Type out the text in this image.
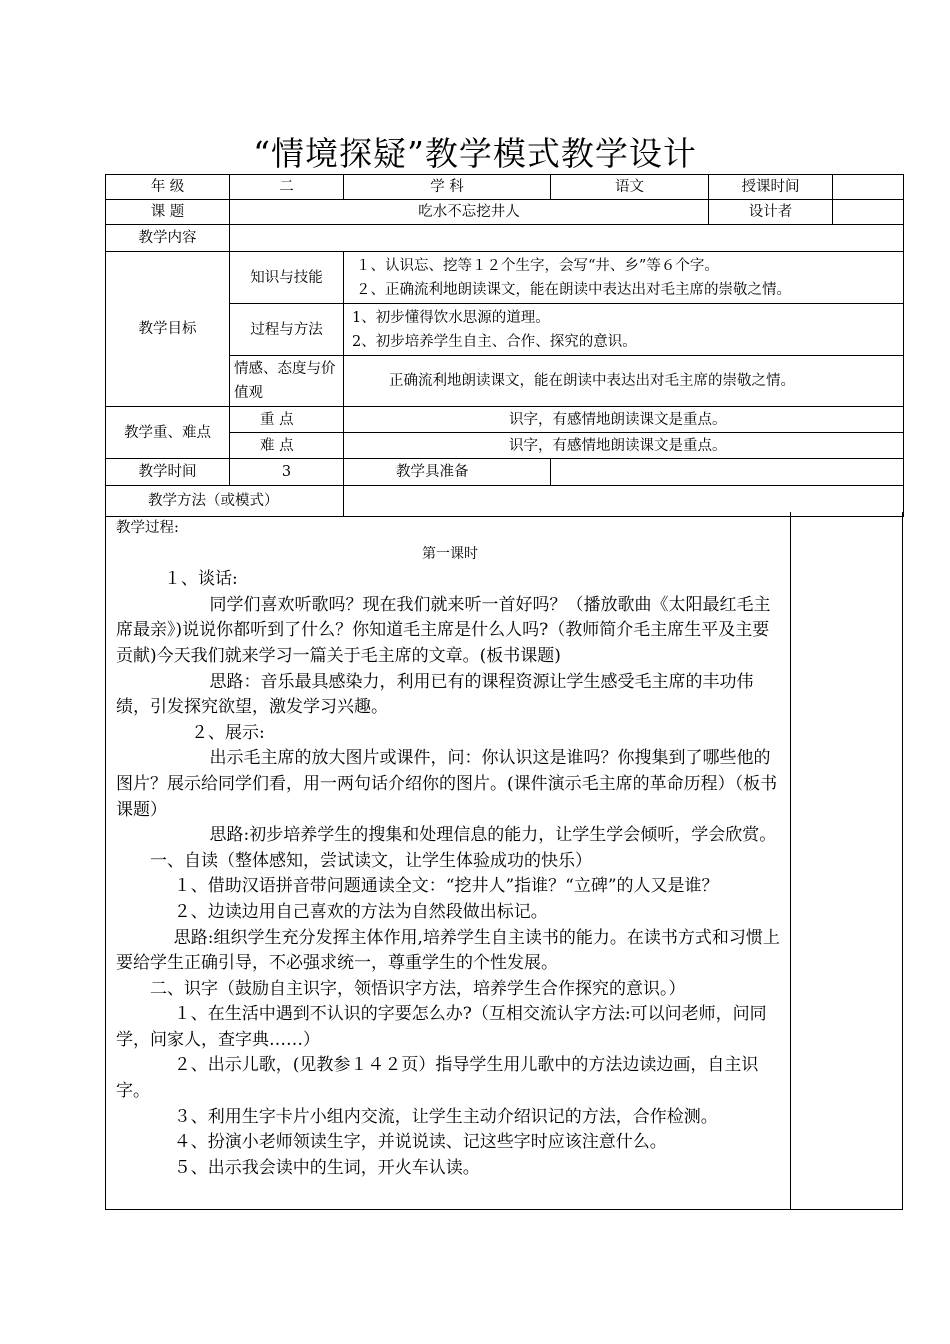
“情境探疑”教学模式教学设计
年 级	二	学 科	语文	授课时间	
课 题	吃水不忘挖井人			设计者	
教学内容					
教学目标	知识与技能	１、认识忘、挖等１２个生字，会写“井、乡”等６个字。
２、正确流利地朗读课文，能在朗读中表达出对毛主席的崇敬之情。			

	过程与方法	1、初步懂得饮水思源的道理。
2、初步培养学生自主、合作、探究的意识。			

	情感、态度与价值观	正确流利地朗读课文，能在朗读中表达出对毛主席的崇敬之情。			
教学重、难点	重 点	识字，有感情地朗读课文是重点。			
	难 点	识字，有感情地朗读课文是重点。			
教学时间	3	教学具准备			
教学方法（或模式）					

教学过程:

第一课时

１、谈话:

同学们喜欢听歌吗？现在我们就来听一首好吗？（播放歌曲《太阳最红毛主席最亲》)说说你都听到了什么？你知道毛主席是什么人吗?（教师简介毛主席生平及主要贡献)今天我们就来学习一篇关于毛主席的文章。(板书课题)

思路：音乐最具感染力，利用已有的课程资源让学生感受毛主席的丰功伟绩，引发探究欲望，激发学习兴趣。

２、展示:

出示毛主席的放大图片或课件，问：你认识这是谁吗？你搜集到了哪些他的图片？展示给同学们看，用一两句话介绍你的图片。(课件演示毛主席的革命历程）（板书课题）

思路:初步培养学生的搜集和处理信息的能力，让学生学会倾听，学会欣赏。

一、自读（整体感知，尝试读文，让学生体验成功的快乐）

１、借助汉语拼音带问题通读全文：“挖井人”指谁？“立碑”的人又是谁？

２、边读边用自己喜欢的方法为自然段做出标记。

思路:组织学生充分发挥主体作用,培养学生自主读书的能力。在读书方式和习惯上要给学生正确引导，不必强求统一，尊重学生的个性发展。

二、识字（鼓励自主识字，领悟识字方法，培养学生合作探究的意识。）

１、在生活中遇到不认识的字要怎么办?（互相交流认字方法:可以问老师，问同学，问家人，查字典……）

２、出示儿歌，(见教参１４２页）指导学生用儿歌中的方法边读边画，自主识字。

３、利用生字卡片小组内交流，让学生主动介绍识记的方法，合作检测。

４、扮演小老师领读生字，并说说读、记这些字时应该注意什么。

５、出示我会读中的生词，开火车认读。
